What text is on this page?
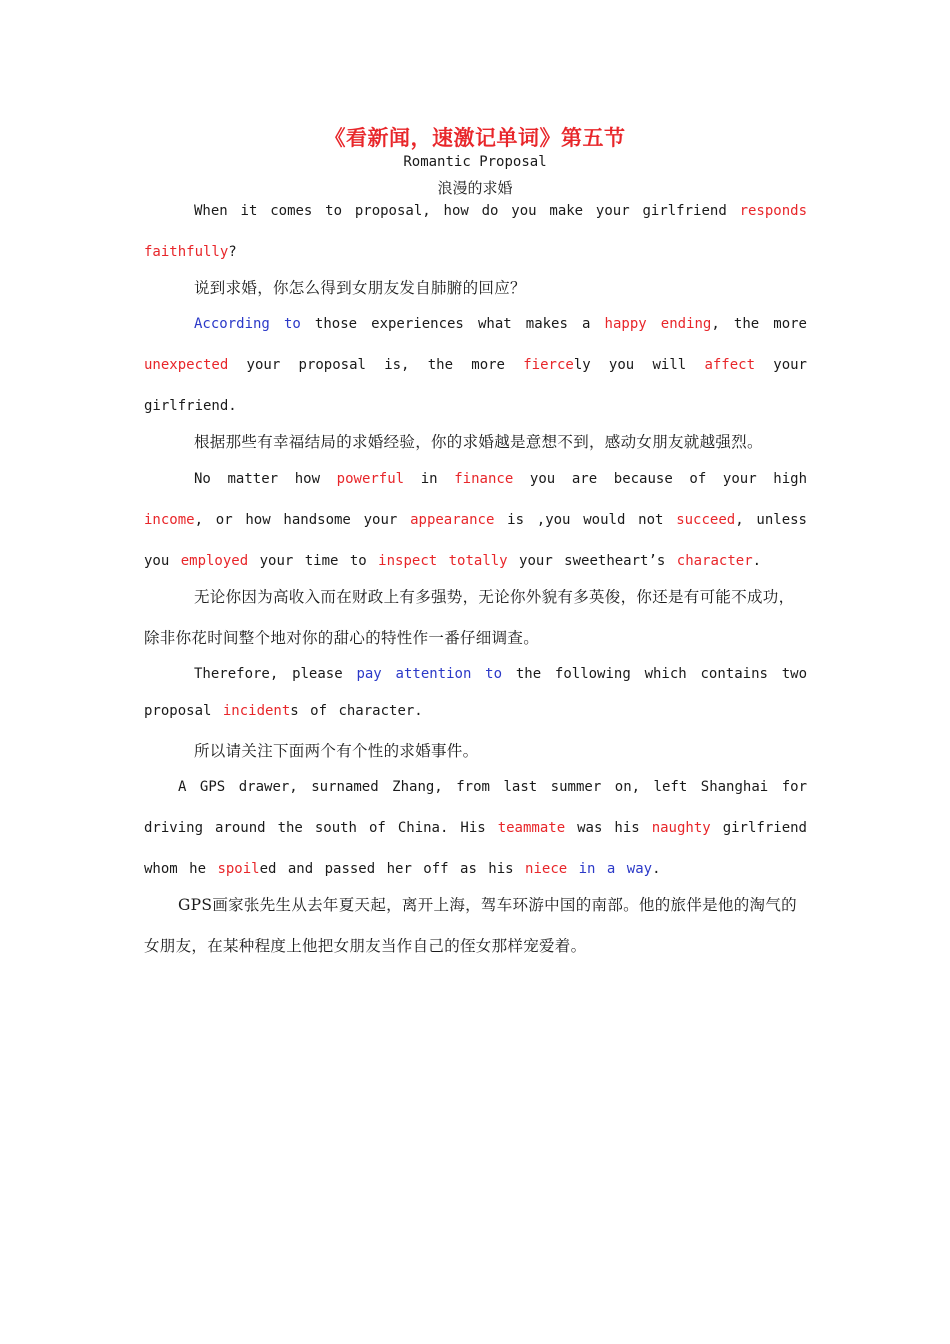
《看新闻，速激记单词》第五节
Romantic Proposal
浪漫的求婚
When it comes to proposal, how do you make your girlfriend responds faithfully?
说到求婚，你怎么得到女朋友发自肺腑的回应？
According to those experiences what makes a happy ending, the more unexpected your proposal is, the more fiercely you will affect your girlfriend.
根据那些有幸福结局的求婚经验，你的求婚越是意想不到，感动女朋友就越强烈。
No matter how powerful in finance you are because of your high income, or how handsome your appearance is ,you would not succeed, unless you employed your time to inspect totally your sweetheart’s character.
无论你因为高收入而在财政上有多强势，无论你外貌有多英俊，你还是有可能不成功，除非你花时间整个地对你的甜心的特性作一番仔细调查。
Therefore, please pay attention to the following which contains two proposal incidents of character.
所以请关注下面两个有个性的求婚事件。
A GPS drawer, surnamed Zhang, from last summer on, left Shanghai for driving around the south of China. His teammate was his naughty girlfriend whom he spoiled and passed her off as his niece in a way.
GPS画家张先生从去年夏天起，离开上海，驾车环游中国的南部。他的旅伴是他的淘气的女朋友，在某种程度上他把女朋友当作自己的侄女那样宠爱着。
